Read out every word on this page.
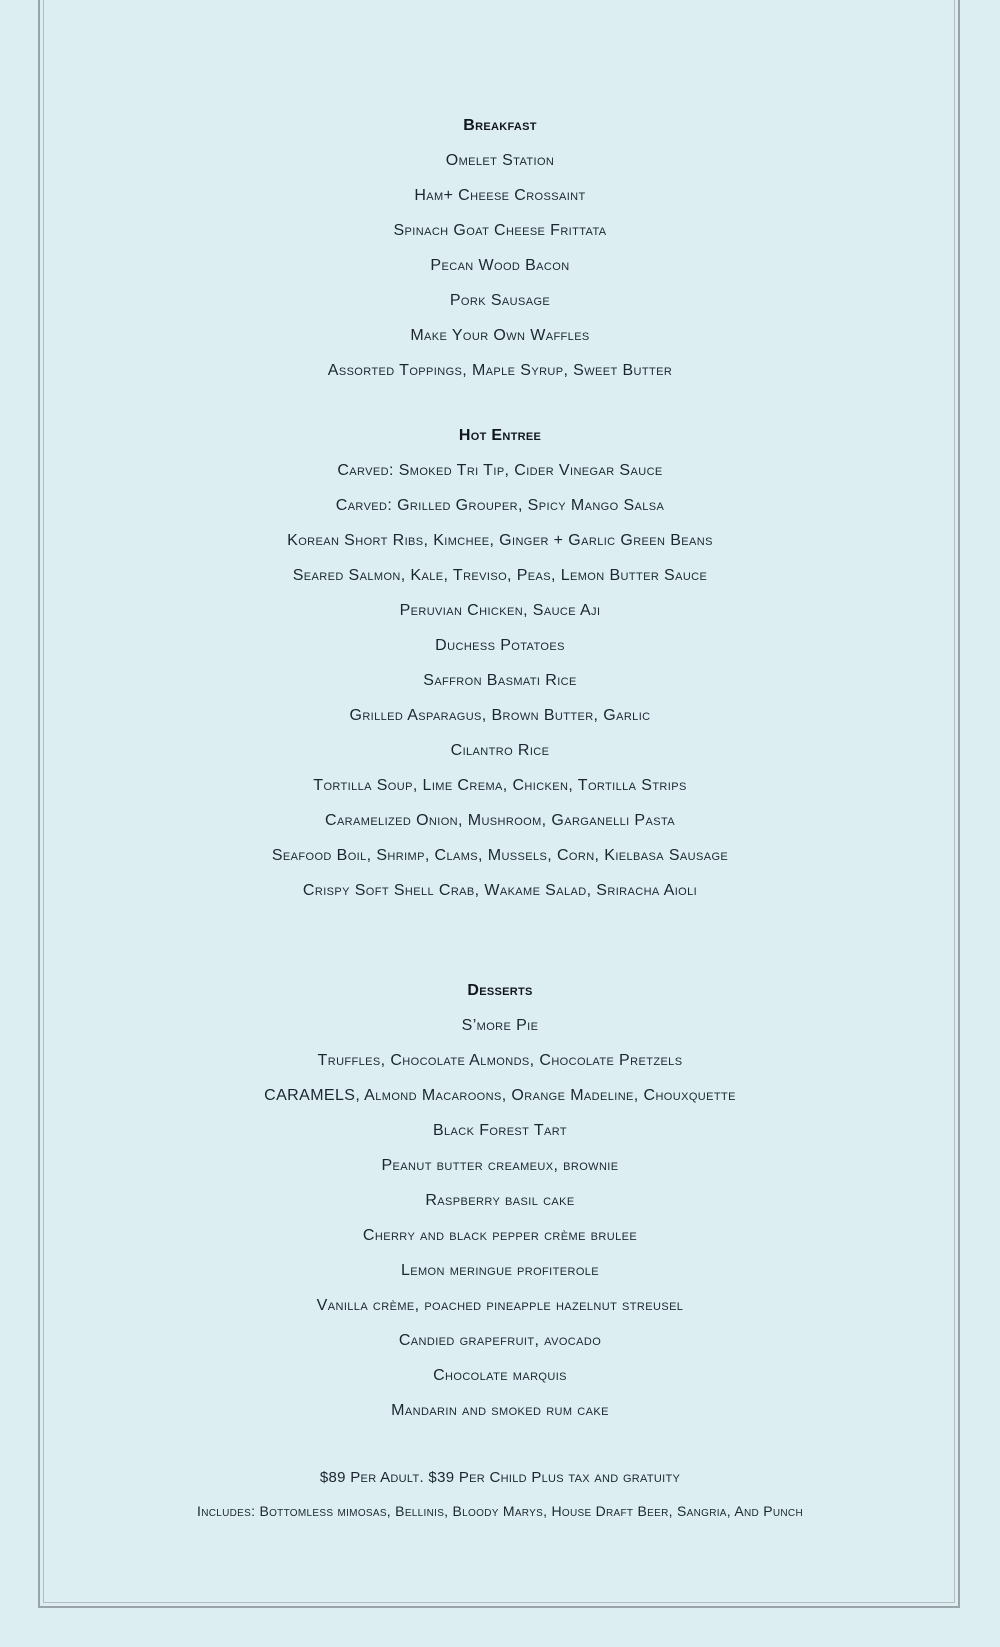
Breakfast
Omelet Station
Ham+ Cheese Crossaint
Spinach Goat Cheese Frittata
Pecan Wood Bacon
Pork Sausage
Make Your Own Waffles
Assorted Toppings, Maple Syrup, Sweet Butter
Hot Entree
Carved: Smoked Tri Tip, Cider Vinegar Sauce
Carved: Grilled Grouper, Spicy Mango Salsa
Korean Short Ribs, Kimchee, Ginger + Garlic Green Beans
Seared Salmon, Kale, Treviso, Peas, Lemon Butter Sauce
Peruvian Chicken, Sauce Aji
Duchess Potatoes
Saffron Basmati Rice
Grilled Asparagus, Brown Butter, Garlic
Cilantro Rice
Tortilla Soup, Lime Crema, Chicken, Tortilla Strips
Caramelized Onion, Mushroom, Garganelli Pasta
Seafood Boil, Shrimp, Clams, Mussels, Corn, Kielbasa Sausage
Crispy Soft Shell Crab, Wakame Salad, Sriracha Aioli
Desserts
S’more Pie
Truffles, Chocolate Almonds, Chocolate Pretzels
CARAMELS, Almond Macaroons, Orange Madeline, Chouxquette
Black Forest Tart
Peanut butter creameux, brownie
Raspberry basil cake
Cherry and black pepper crème brulee
Lemon meringue profiterole
Vanilla crème, poached pineapple hazelnut streusel
Candied grapefruit, avocado
Chocolate marquis
Mandarin and smoked rum cake
$89 Per Adult. $39 Per Child Plus tax and gratuity
Includes: Bottomless mimosas, Bellinis, Bloody Marys, House Draft Beer, Sangria, And Punch
